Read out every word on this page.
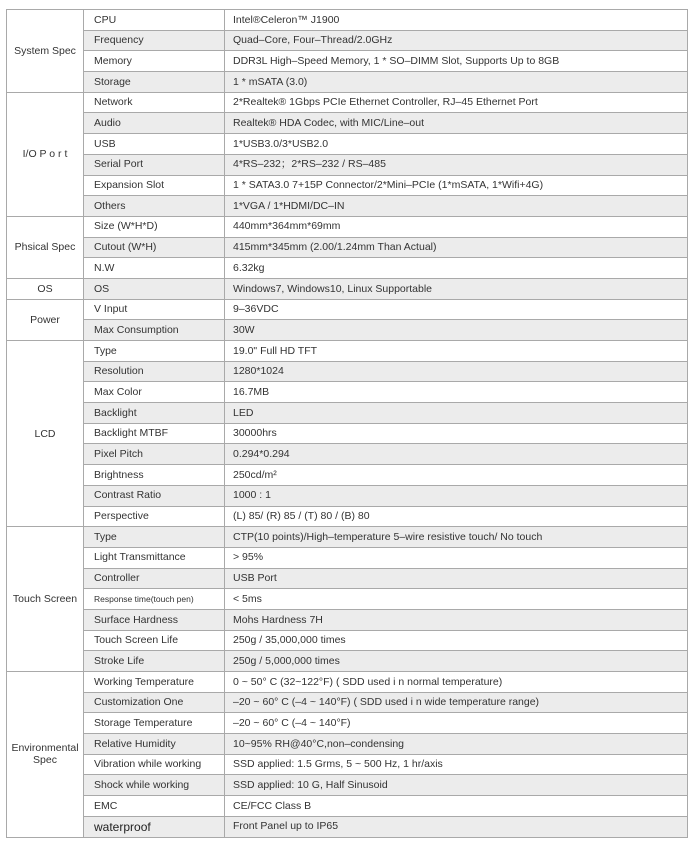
System Spec	CPU	Intel®Celeron™ J1900
	Frequency	Quad–Core, Four–Thread/2.0GHz
	Memory	DDR3L High–Speed Memory, 1 * SO–DIMM Slot, Supports Up to 8GB
	Storage	1 * mSATA (3.0)
I/O P o r t	Network	2*Realtek® 1Gbps PCIe Ethernet Controller, RJ–45 Ethernet Port
	Audio	Realtek® HDA Codec, with MIC/Line–out
	USB	1*USB3.0/3*USB2.0
	Serial Port	4*RS–232；2*RS–232 / RS–485
	Expansion Slot	1 * SATA3.0 7+15P Connector/2*Mini–PCIe (1*mSATA, 1*Wifi+4G)
	Others	1*VGA / 1*HDMI/DC–IN
Phsical Spec	Size (W*H*D)	440mm*364mm*69mm
	Cutout (W*H)	415mm*345mm (2.00/1.24mm Than Actual)
	N.W	6.32kg
OS	OS	Windows7, Windows10, Linux Supportable
Power	V Input	9–36VDC
	Max Consumption	30W
LCD	Type	19.0" Full HD TFT
	Resolution	1280*1024
	Max Color	16.7MB
	Backlight	LED
	Backlight MTBF	30000hrs
	Pixel Pitch	0.294*0.294
	Brightness	250cd/m²
	Contrast Ratio	1000 : 1
	Perspective	(L) 85/ (R) 85 / (T) 80 / (B) 80
Touch Screen	Type	CTP(10 points)/High–temperature 5–wire resistive touch/ No touch
	Light Transmittance	> 95%
	Controller	USB Port
	Response time(touch pen)	< 5ms
	Surface Hardness	Mohs Hardness 7H
	Touch Screen Life	250g / 35,000,000 times
	Stroke Life	250g / 5,000,000 times
Environmental Spec	Working Temperature	0 ~ 50° C (32~122°F) ( SDD used i n normal temperature)
	Customization One	–20 ~ 60° C (–4 ~ 140°F) ( SDD used i n wide temperature range)
	Storage Temperature	–20 ~ 60° C (–4 ~ 140°F)
	Relative Humidity	10~95% RH@40°C,non–condensing
	Vibration while working	SSD applied: 1.5 Grms, 5 ~ 500 Hz, 1 hr/axis
	Shock while working	SSD applied: 10 G, Half Sinusoid
	EMC	CE/FCC Class B
	waterproof	Front Panel up to IP65
